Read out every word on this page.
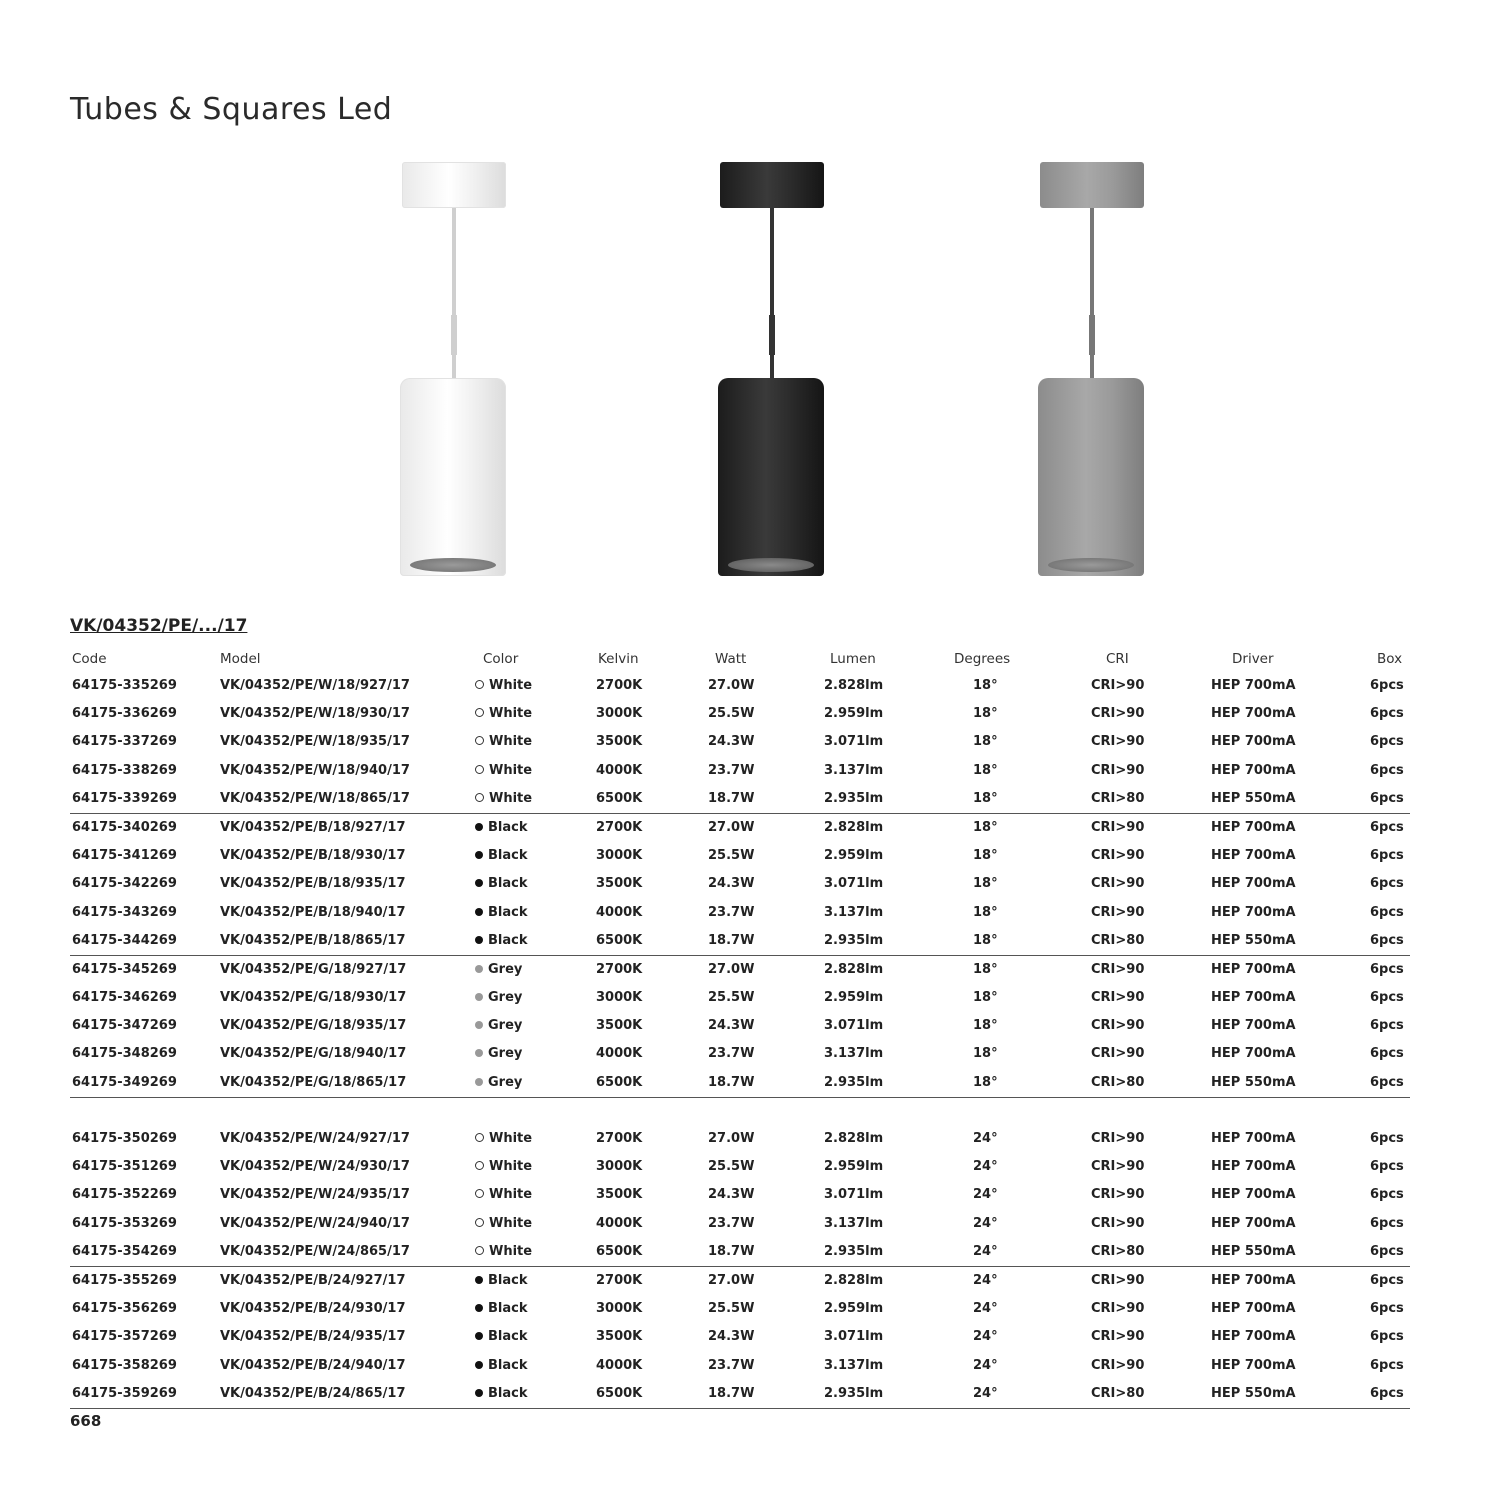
Tubes & Squares Led
VK/04352/PE/.../17
Code	Model	Color	Kelvin	Watt	Lumen	Degrees	CRI	Driver	Box
64175-335269	VK/04352/PE/W/18/927/17	White	2700K	27.0W	2.828lm	18°	CRI>90	HEP 700mA	6pcs
64175-336269	VK/04352/PE/W/18/930/17	White	3000K	25.5W	2.959lm	18°	CRI>90	HEP 700mA	6pcs
64175-337269	VK/04352/PE/W/18/935/17	White	3500K	24.3W	3.071lm	18°	CRI>90	HEP 700mA	6pcs
64175-338269	VK/04352/PE/W/18/940/17	White	4000K	23.7W	3.137lm	18°	CRI>90	HEP 700mA	6pcs
64175-339269	VK/04352/PE/W/18/865/17	White	6500K	18.7W	2.935lm	18°	CRI>80	HEP 550mA	6pcs
64175-340269	VK/04352/PE/B/18/927/17	Black	2700K	27.0W	2.828lm	18°	CRI>90	HEP 700mA	6pcs
64175-341269	VK/04352/PE/B/18/930/17	Black	3000K	25.5W	2.959lm	18°	CRI>90	HEP 700mA	6pcs
64175-342269	VK/04352/PE/B/18/935/17	Black	3500K	24.3W	3.071lm	18°	CRI>90	HEP 700mA	6pcs
64175-343269	VK/04352/PE/B/18/940/17	Black	4000K	23.7W	3.137lm	18°	CRI>90	HEP 700mA	6pcs
64175-344269	VK/04352/PE/B/18/865/17	Black	6500K	18.7W	2.935lm	18°	CRI>80	HEP 550mA	6pcs
64175-345269	VK/04352/PE/G/18/927/17	Grey	2700K	27.0W	2.828lm	18°	CRI>90	HEP 700mA	6pcs
64175-346269	VK/04352/PE/G/18/930/17	Grey	3000K	25.5W	2.959lm	18°	CRI>90	HEP 700mA	6pcs
64175-347269	VK/04352/PE/G/18/935/17	Grey	3500K	24.3W	3.071lm	18°	CRI>90	HEP 700mA	6pcs
64175-348269	VK/04352/PE/G/18/940/17	Grey	4000K	23.7W	3.137lm	18°	CRI>90	HEP 700mA	6pcs
64175-349269	VK/04352/PE/G/18/865/17	Grey	6500K	18.7W	2.935lm	18°	CRI>80	HEP 550mA	6pcs
64175-350269	VK/04352/PE/W/24/927/17	White	2700K	27.0W	2.828lm	24°	CRI>90	HEP 700mA	6pcs
64175-351269	VK/04352/PE/W/24/930/17	White	3000K	25.5W	2.959lm	24°	CRI>90	HEP 700mA	6pcs
64175-352269	VK/04352/PE/W/24/935/17	White	3500K	24.3W	3.071lm	24°	CRI>90	HEP 700mA	6pcs
64175-353269	VK/04352/PE/W/24/940/17	White	4000K	23.7W	3.137lm	24°	CRI>90	HEP 700mA	6pcs
64175-354269	VK/04352/PE/W/24/865/17	White	6500K	18.7W	2.935lm	24°	CRI>80	HEP 550mA	6pcs
64175-355269	VK/04352/PE/B/24/927/17	Black	2700K	27.0W	2.828lm	24°	CRI>90	HEP 700mA	6pcs
64175-356269	VK/04352/PE/B/24/930/17	Black	3000K	25.5W	2.959lm	24°	CRI>90	HEP 700mA	6pcs
64175-357269	VK/04352/PE/B/24/935/17	Black	3500K	24.3W	3.071lm	24°	CRI>90	HEP 700mA	6pcs
64175-358269	VK/04352/PE/B/24/940/17	Black	4000K	23.7W	3.137lm	24°	CRI>90	HEP 700mA	6pcs
64175-359269	VK/04352/PE/B/24/865/17	Black	6500K	18.7W	2.935lm	24°	CRI>80	HEP 550mA	6pcs
668
